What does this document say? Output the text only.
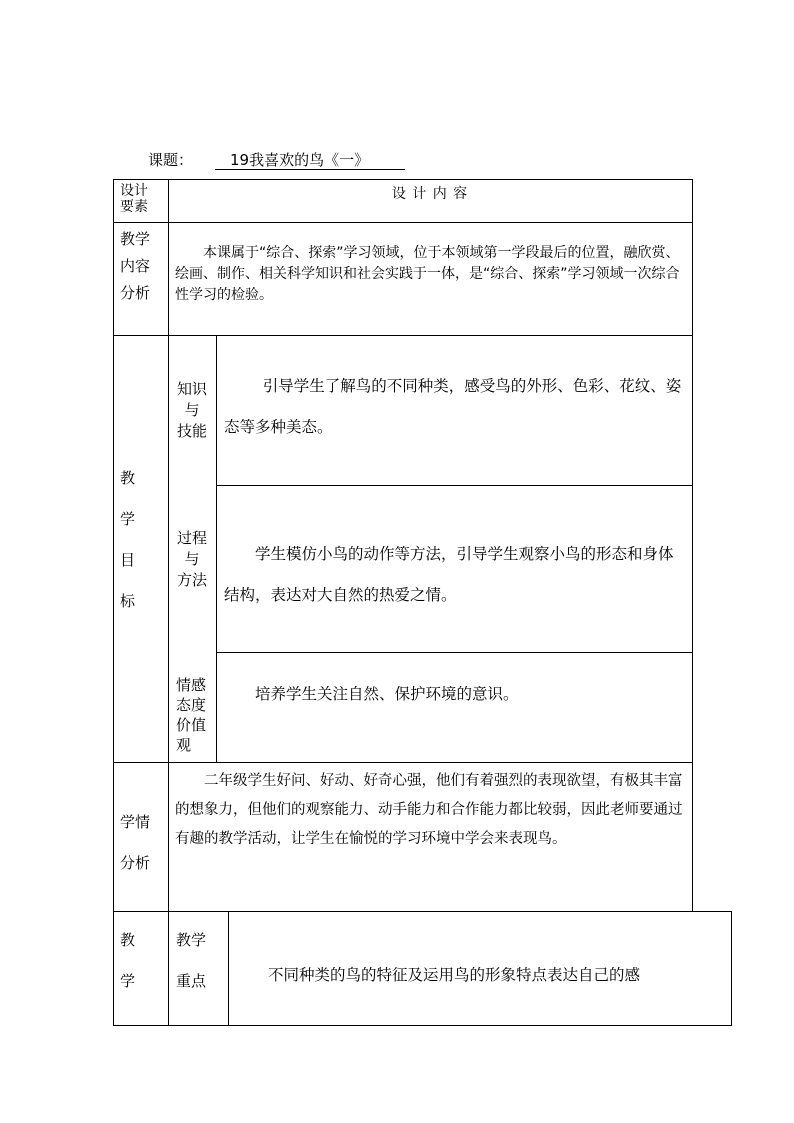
课题：	19我喜欢的鸟《一》
设计
要素
设 计 内 容
教学
内容
分析
本课属于“综合、探索”学习领域，位于本领域第一学段最后的位置，融欣赏、绘画、制作、相关科学知识和社会实践于一体，是“综合、探索”学习领域一次综合性学习的检验。
教
学
目
标
知识
与
技能
引导学生了解鸟的不同种类，感受鸟的外形、色彩、花纹、姿态等多种美态。
过程
与
方法
学生模仿小鸟的动作等方法，引导学生观察小鸟的形态和身体结构，表达对大自然的热爱之情。
情感
态度
价值
观
培养学生关注自然、保护环境的意识。
学情
分析
二年级学生好问、好动、好奇心强，他们有着强烈的表现欲望，有极其丰富的想象力，但他们的观察能力、动手能力和合作能力都比较弱，因此老师要通过有趣的教学活动，让学生在愉悦的学习环境中学会来表现鸟。
教
学
教学
重点	不同种类的鸟的特征及运用鸟的形象特点表达自己的感
